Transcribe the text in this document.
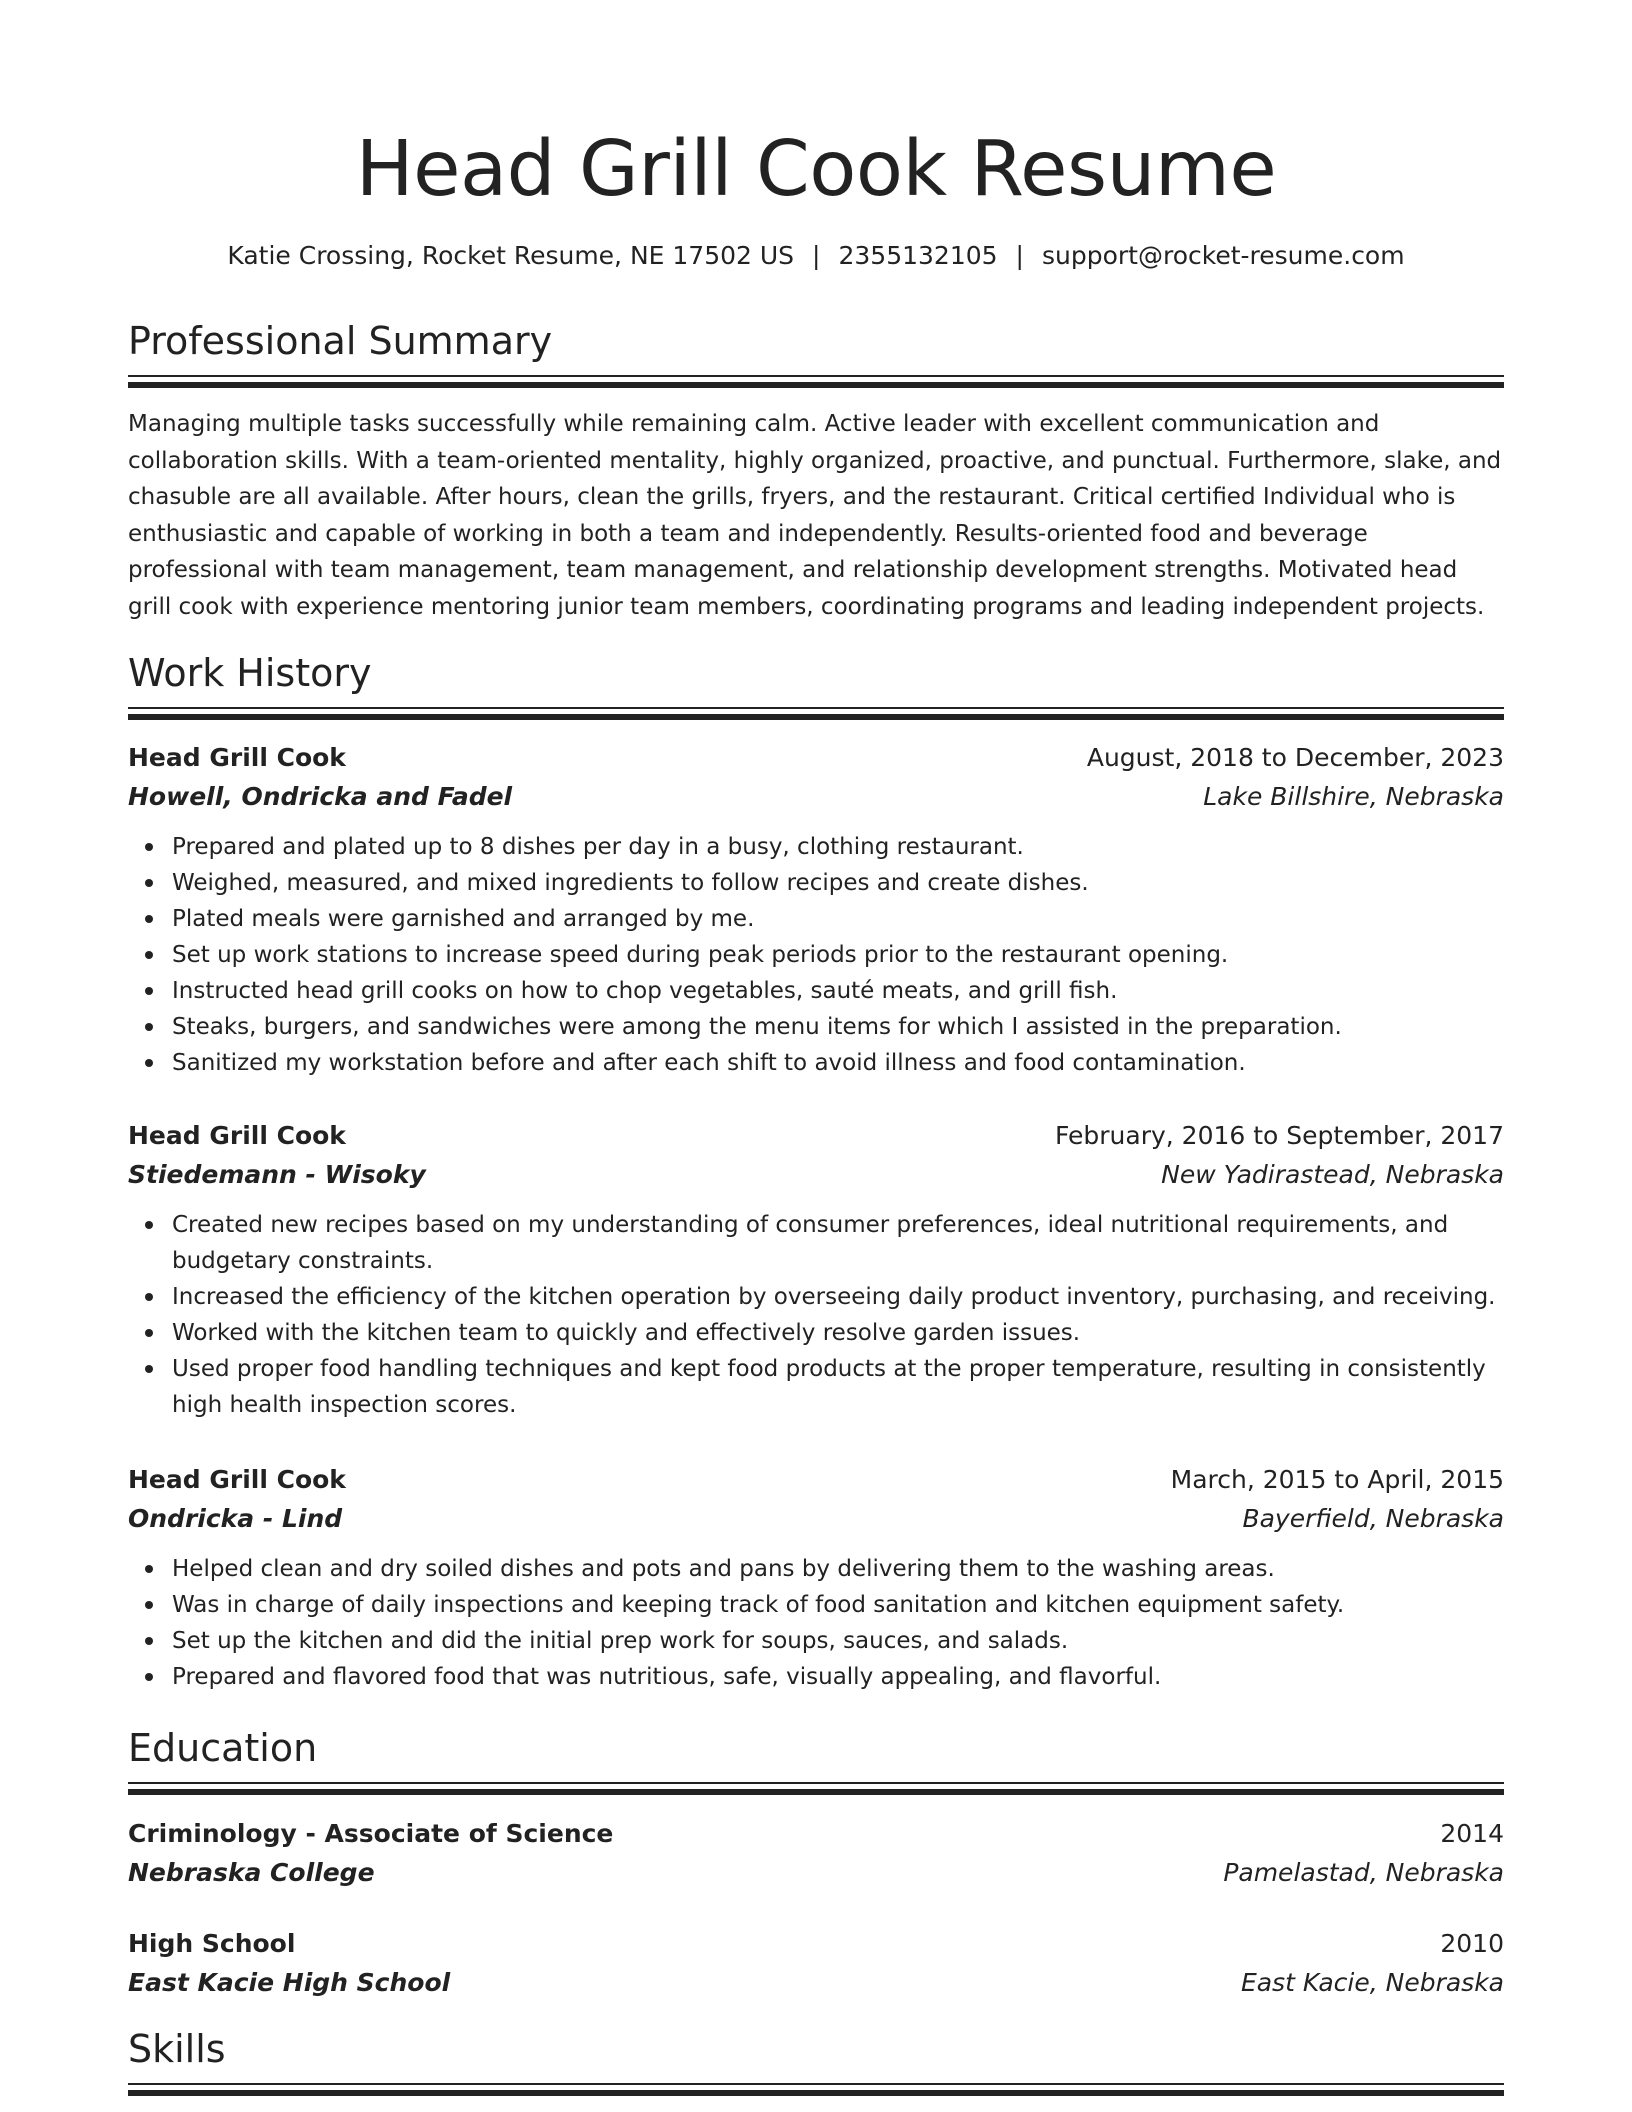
Head Grill Cook Resume
Katie Crossing, Rocket Resume, NE 17502 US | 2355132105 | support@rocket-resume.com
Professional Summary

Managing multiple tasks successfully while remaining calm. Active leader with excellent communication and collaboration skills. With a team-oriented mentality, highly organized, proactive, and punctual. Furthermore, slake, and chasuble are all available. After hours, clean the grills, fryers, and the restaurant. Critical certified Individual who is enthusiastic and capable of working in both a team and independently. Results-oriented food and beverage professional with team management, team management, and relationship development strengths. Motivated head grill cook with experience mentoring junior team members, coordinating programs and leading independent projects.

Work History
Head Grill Cook	August, 2018 to December, 2023
Howell, Ondricka and Fadel	Lake Billshire, Nebraska
Prepared and plated up to 8 dishes per day in a busy, clothing restaurant.
Weighed, measured, and mixed ingredients to follow recipes and create dishes.
Plated meals were garnished and arranged by me.
Set up work stations to increase speed during peak periods prior to the restaurant opening.
Instructed head grill cooks on how to chop vegetables, sauté meats, and grill fish.
Steaks, burgers, and sandwiches were among the menu items for which I assisted in the preparation.
Sanitized my workstation before and after each shift to avoid illness and food contamination.
Head Grill Cook	February, 2016 to September, 2017
Stiedemann - Wisoky	New Yadirastead, Nebraska
Created new recipes based on my understanding of consumer preferences, ideal nutritional requirements, and budgetary constraints.
Increased the efficiency of the kitchen operation by overseeing daily product inventory, purchasing, and receiving.
Worked with the kitchen team to quickly and effectively resolve garden issues.
Used proper food handling techniques and kept food products at the proper temperature, resulting in consistently high health inspection scores.
Head Grill Cook	March, 2015 to April, 2015
Ondricka - Lind	Bayerfield, Nebraska
Helped clean and dry soiled dishes and pots and pans by delivering them to the washing areas.
Was in charge of daily inspections and keeping track of food sanitation and kitchen equipment safety.
Set up the kitchen and did the initial prep work for soups, sauces, and salads.
Prepared and flavored food that was nutritious, safe, visually appealing, and flavorful.
Education
Criminology - Associate of Science	2014
Nebraska College	Pamelastad, Nebraska
High School	2010
East Kacie High School	East Kacie, Nebraska
Skills
